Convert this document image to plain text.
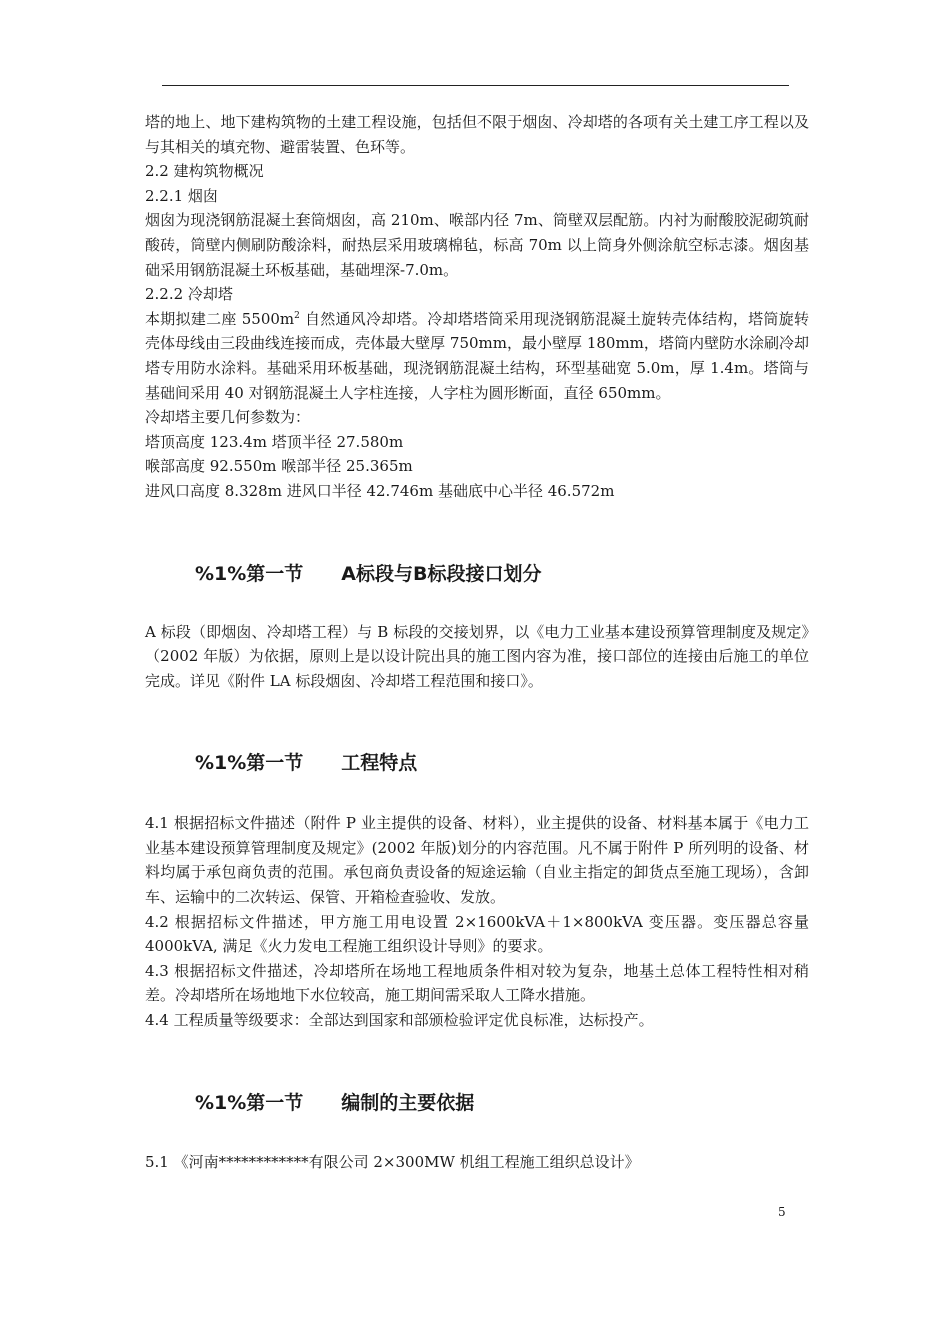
塔的地上、地下建构筑物的土建工程设施，包括但不限于烟囱、冷却塔的各项有关土建工序工程以及与其相关的填充物、避雷装置、色环等。

2.2 建构筑物概况

2.2.1 烟囱

烟囱为现浇钢筋混凝土套筒烟囱，高 210m、喉部内径 7m、筒壁双层配筋。内衬为耐酸胶泥砌筑耐酸砖，筒壁内侧刷防酸涂料，耐热层采用玻璃棉毡，标高 70m 以上筒身外侧涂航空标志漆。烟囱基础采用钢筋混凝土环板基础，基础埋深-7.0m。

2.2.2 冷却塔

本期拟建二座 $5500m^2$ 自然通风冷却塔。冷却塔塔筒采用现浇钢筋混凝土旋转壳体结构，塔筒旋转壳体母线由三段曲线连接而成，壳体最大壁厚 750mm，最小壁厚 180mm，塔筒内壁防水涂刷冷却塔专用防水涂料。基础采用环板基础，现浇钢筋混凝土结构，环型基础宽 5.0m，厚 1.4m。塔筒与基础间采用 40 对钢筋混凝土人字柱连接，人字柱为圆形断面，直径 650mm。

冷却塔主要几何参数为：

塔顶高度 123.4m 塔顶半径 27.580m

喉部高度 92.550m 喉部半径 25.365m

进风口高度 8.328m 进风口半径 42.746m 基础底中心半径 46.572m

%1%第一节　　A标段与B标段接口划分

A 标段（即烟囱、冷却塔工程）与 B 标段的交接划界，以《电力工业基本建设预算管理制度及规定》（2002 年版）为依据，原则上是以设计院出具的施工图内容为准，接口部位的连接由后施工的单位完成。详见《附件 LA 标段烟囱、冷却塔工程范围和接口》。

%1%第一节　　工程特点

4.1 根据招标文件描述（附件 P 业主提供的设备、材料），业主提供的设备、材料基本属于《电力工业基本建设预算管理制度及规定》(2002 年版)划分的内容范围。凡不属于附件 P 所列明的设备、材料均属于承包商负责的范围。承包商负责设备的短途运输（自业主指定的卸货点至施工现场），含卸车、运输中的二次转运、保管、开箱检查验收、发放。

4.2 根据招标文件描述，甲方施工用电设置 2×1600kVA＋1×800kVA 变压器。变压器总容量 4000kVA, 满足《火力发电工程施工组织设计导则》的要求。

4.3 根据招标文件描述，冷却塔所在场地工程地质条件相对较为复杂，地基土总体工程特性相对稍差。冷却塔所在场地地下水位较高，施工期间需采取人工降水措施。

4.4 工程质量等级要求：全部达到国家和部颁检验评定优良标准，达标投产。

%1%第一节　　编制的主要依据

5.1 《河南************有限公司 2×300MW 机组工程施工组织总设计》

5
